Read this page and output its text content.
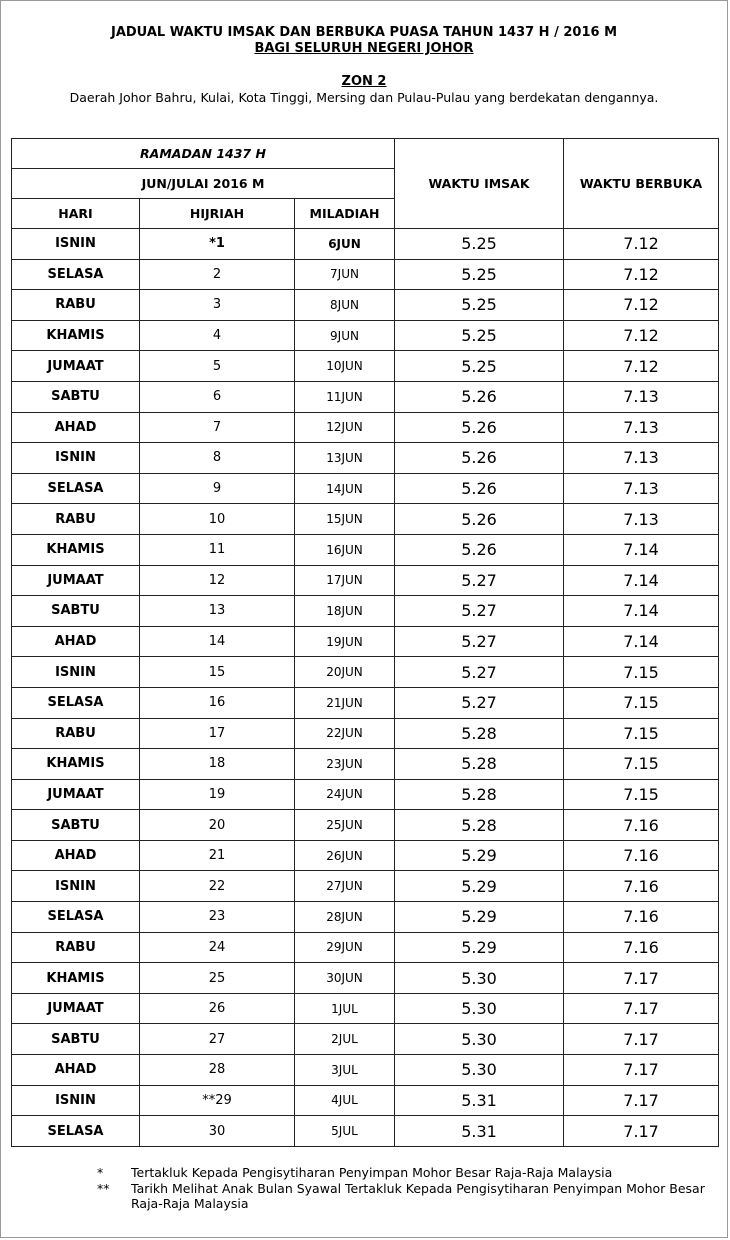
JADUAL WAKTU IMSAK DAN BERBUKA PUASA TAHUN 1437 H / 2016 M
BAGI SELURUH NEGERI JOHOR
ZON 2
Daerah Johor Bahru, Kulai, Kota Tinggi, Mersing dan Pulau-Pulau yang berdekatan dengannya.
RAMADAN 1437 H			WAKTU IMSAK	WAKTU BERBUKA
JUN/JULAI 2016 M				
HARI	HIJRIAH	MILADIAH		
ISNIN	*1	6JUN	5.25	7.12
SELASA	2	7JUN	5.25	7.12
RABU	3	8JUN	5.25	7.12
KHAMIS	4	9JUN	5.25	7.12
JUMAAT	5	10JUN	5.25	7.12
SABTU	6	11JUN	5.26	7.13
AHAD	7	12JUN	5.26	7.13
ISNIN	8	13JUN	5.26	7.13
SELASA	9	14JUN	5.26	7.13
RABU	10	15JUN	5.26	7.13
KHAMIS	11	16JUN	5.26	7.14
JUMAAT	12	17JUN	5.27	7.14
SABTU	13	18JUN	5.27	7.14
AHAD	14	19JUN	5.27	7.14
ISNIN	15	20JUN	5.27	7.15
SELASA	16	21JUN	5.27	7.15
RABU	17	22JUN	5.28	7.15
KHAMIS	18	23JUN	5.28	7.15
JUMAAT	19	24JUN	5.28	7.15
SABTU	20	25JUN	5.28	7.16
AHAD	21	26JUN	5.29	7.16
ISNIN	22	27JUN	5.29	7.16
SELASA	23	28JUN	5.29	7.16
RABU	24	29JUN	5.29	7.16
KHAMIS	25	30JUN	5.30	7.17
JUMAAT	26	1JUL	5.30	7.17
SABTU	27	2JUL	5.30	7.17
AHAD	28	3JUL	5.30	7.17
ISNIN	**29	4JUL	5.31	7.17
SELASA	30	5JUL	5.31	7.17
* Tertakluk Kepada Pengisytiharan Penyimpan Mohor Besar Raja-Raja Malaysia
** Tarikh Melihat Anak Bulan Syawal Tertakluk Kepada Pengisytiharan Penyimpan Mohor Besar Raja-Raja Malaysia
